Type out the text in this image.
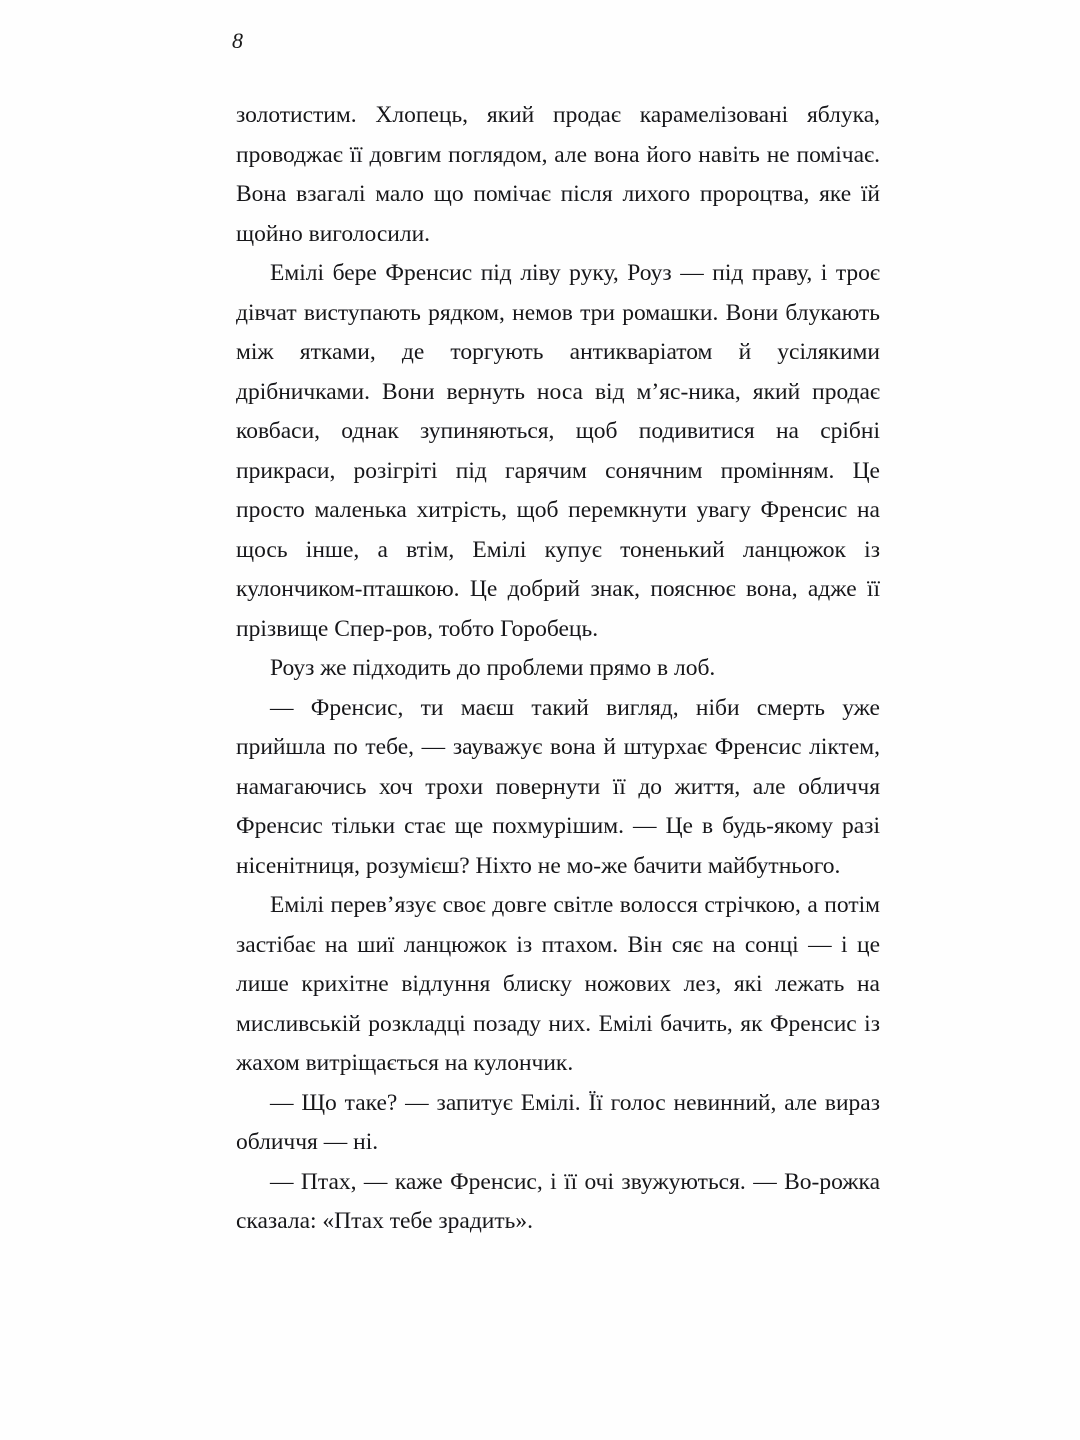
8

золотистим. Хлопець, який продає карамелізовані яблука, проводжає її довгим поглядом, але вона його навіть не помічає. Вона взагалі мало що помічає після лихого пророцтва, яке їй щойно виголосили.

Емілі бере Френсис під ліву руку, Роуз — під праву, і троє дівчат виступають рядком, немов три ромашки. Вони блукають між ятками, де торгують антикваріатом й усілякими дрібничками. Вони вернуть носа від м’яс-ника, який продає ковбаси, однак зупиняються, щоб подивитися на срібні прикраси, розігріті під гарячим сонячним промінням. Це просто маленька хитрість, щоб перемкнути увагу Френсис на щось інше, а втім, Емілі купує тоненький ланцюжок із кулончиком-пташкою. Це добрий знак, пояснює вона, адже її прізвище Спер-ров, тобто Горобець.

Роуз же підходить до проблеми прямо в лоб.

— Френсис, ти маєш такий вигляд, ніби смерть уже прийшла по тебе, — зауважує вона й штурхає Френсис ліктем, намагаючись хоч трохи повернути її до життя, але обличчя Френсис тільки стає ще похмурішим. — Це в будь-якому разі нісенітниця, розумієш? Ніхто не мо-же бачити майбутнього.

Емілі перев’язує своє довге світле волосся стрічкою, а потім застібає на шиї ланцюжок із птахом. Він сяє на сонці — і це лише крихітне відлуння блиску ножових лез, які лежать на мисливській розкладці позаду них. Емілі бачить, як Френсис із жахом витріщається на кулончик.

— Що таке? — запитує Емілі. Її голос невинний, але вираз обличчя — ні.

— Птах, — каже Френсис, і її очі звужуються. — Во-рожка сказала: «Птах тебе зрадить».
